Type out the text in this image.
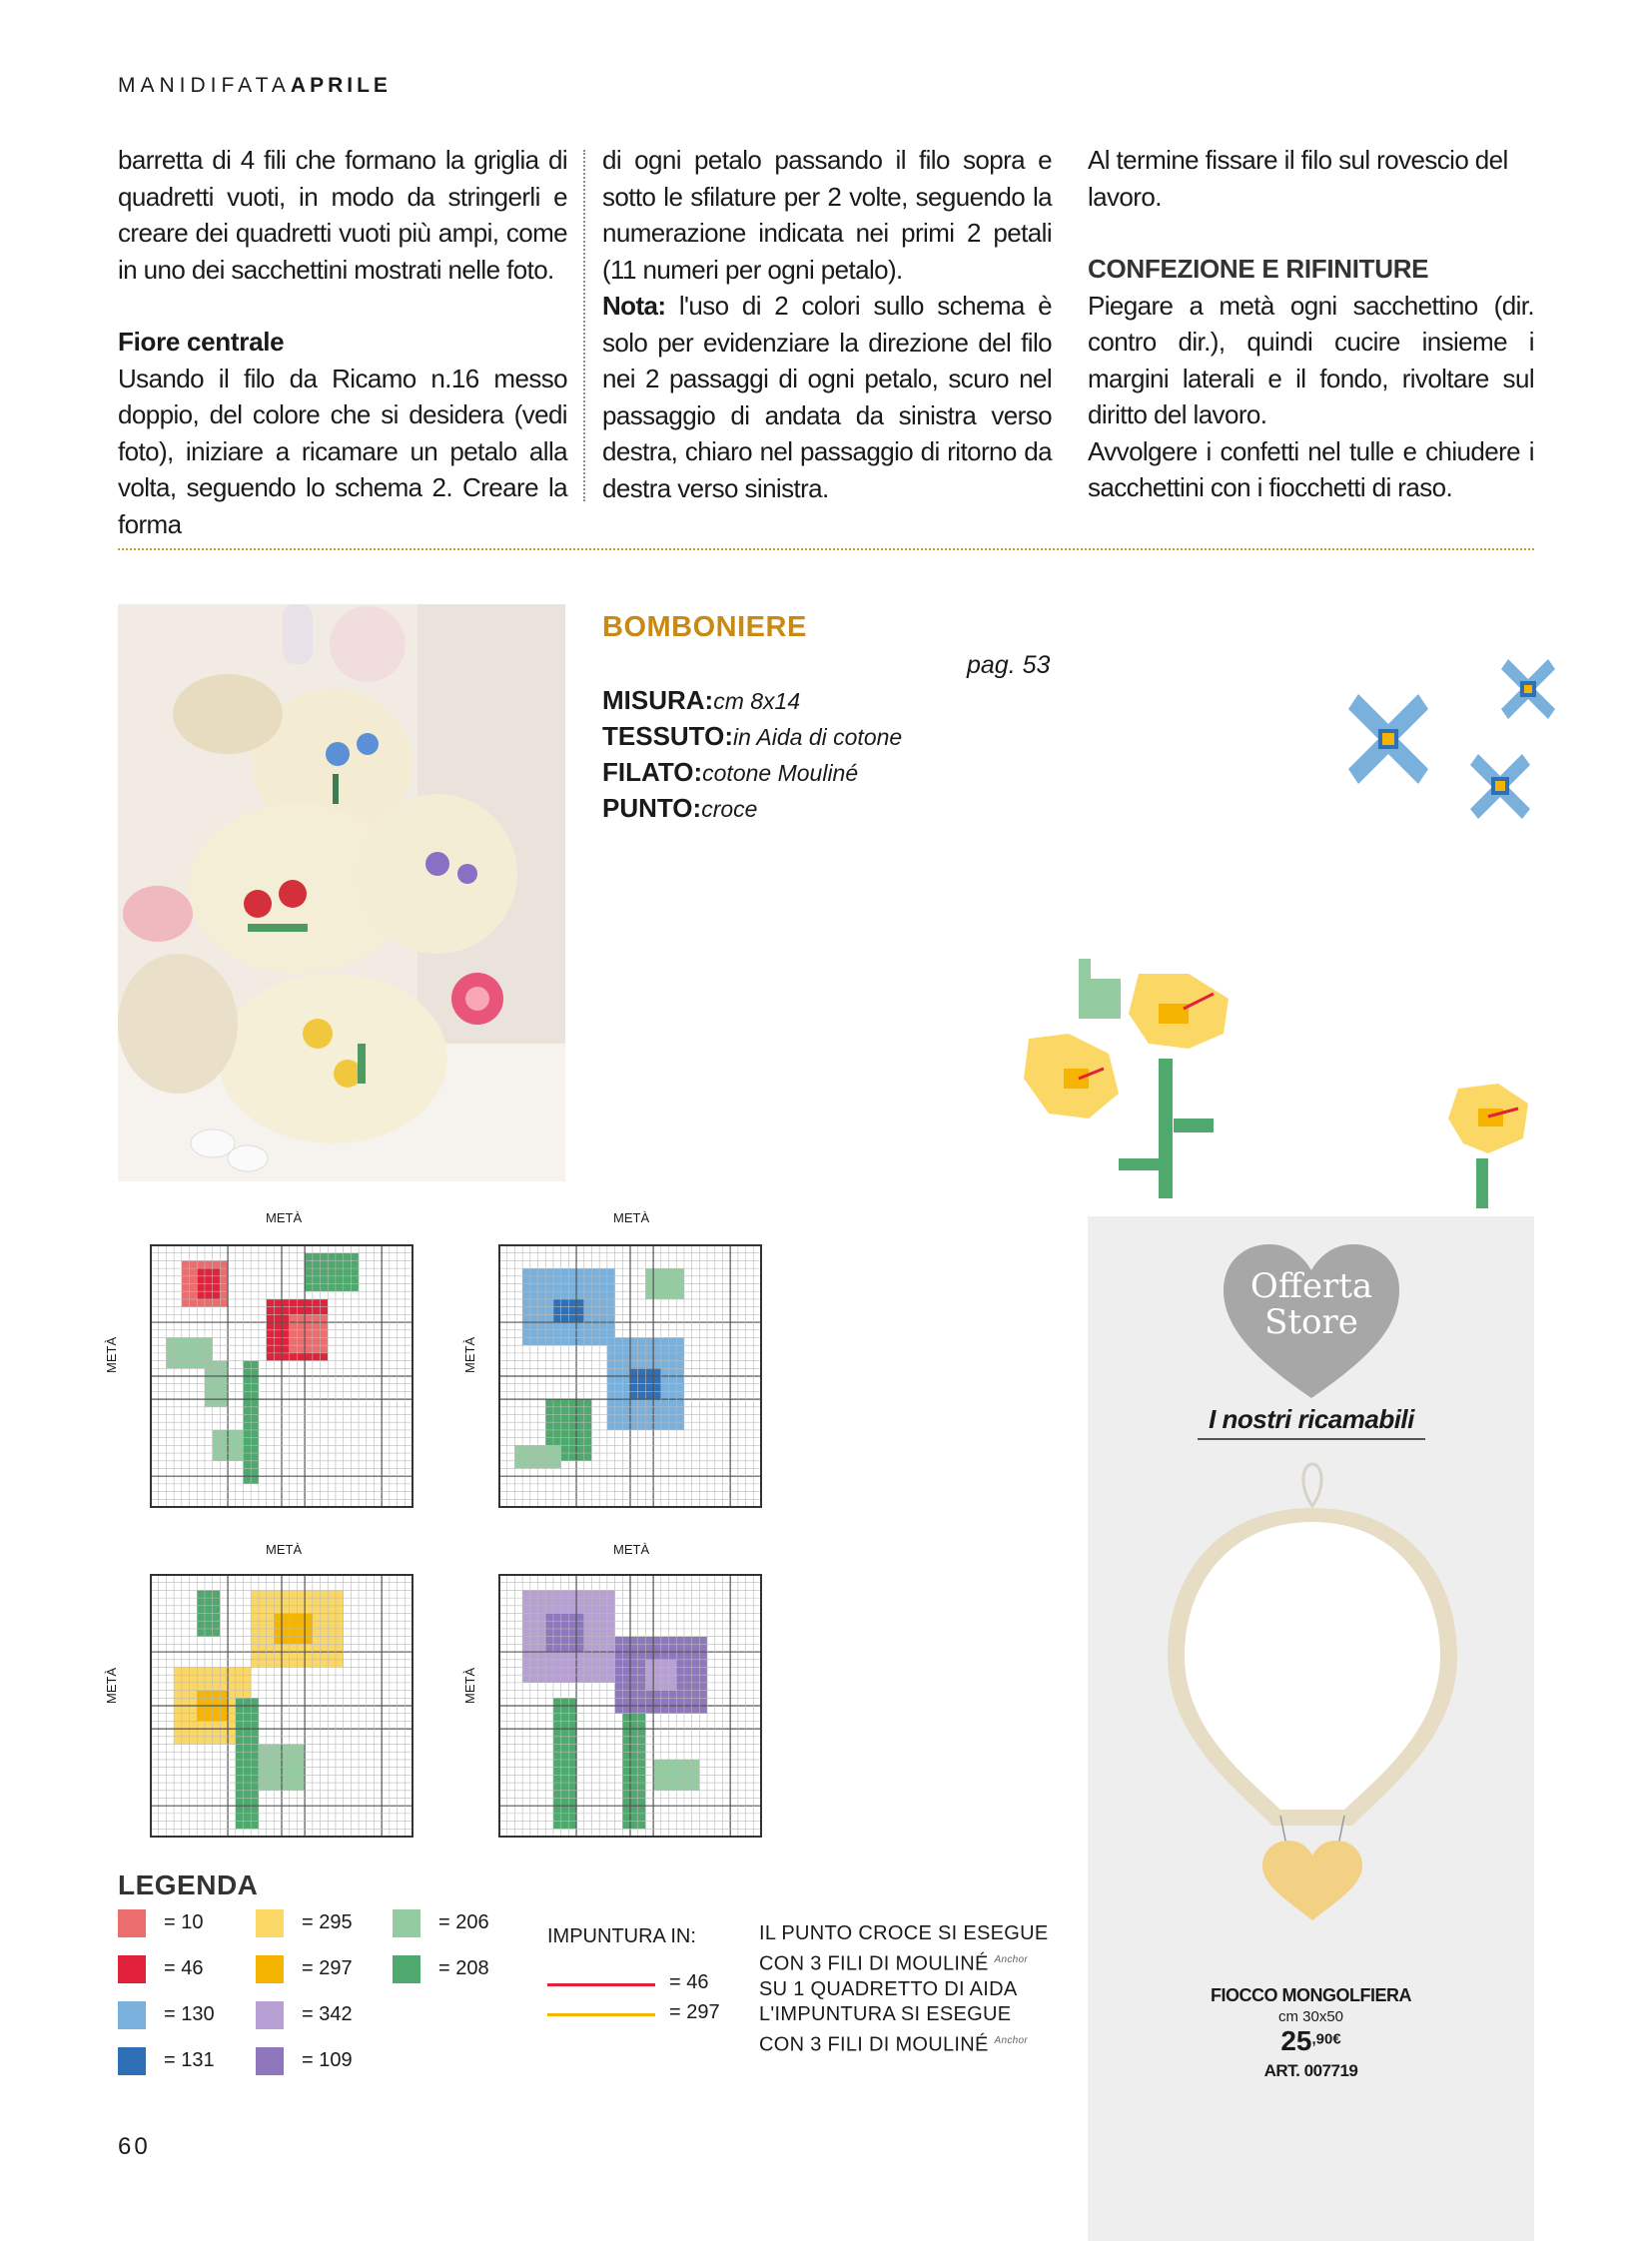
MANIDIFATAAPRILE

barretta di 4 fili che formano la griglia di quadretti vuoti, in modo da stringerli e creare dei quadretti vuoti più ampi, come in uno dei sacchettini mostrati nelle foto.

Fiore centrale

Usando il filo da Ricamo n.16 messo doppio, del colore che si desidera (vedi foto), iniziare a ricamare un petalo alla volta, seguendo lo schema 2. Creare la forma

di ogni petalo passando il filo sopra e sotto le sfilature per 2 volte, seguendo la numerazione indicata nei primi 2 petali (11 numeri per ogni petalo).

Nota: l'uso di 2 colori sullo schema è solo per evidenziare la direzione del filo nei 2 passaggi di ogni petalo, scuro nel passaggio di andata da sinistra verso destra, chiaro nel passaggio di ritorno da destra verso sinistra.

Al termine fissare il filo sul rovescio del lavoro.

CONFEZIONE E RIFINITURE

Piegare a metà ogni sacchettino (dir. contro dir.), quindi cucire insieme i margini laterali e il fondo, rivoltare sul diritto del lavoro.

Avvolgere i confetti nel tulle e chiudere i sacchettini con i fiocchetti di raso.

BOMBONIERE
pag. 53
MISURA:cm 8x14
TESSUTO:in Aida di cotone
FILATO:cotone Mouliné
PUNTO:croce
METÀ	METÀ
METÀ	METÀ
METÀ	METÀ
METÀ	METÀ
LEGENDA
= 10
= 46
= 130
= 131
= 295
= 297
= 342
= 109
= 206
= 208
IMPUNTURA IN:
= 46
= 297
IL PUNTO CROCE SI ESEGUE
CON 3 FILI DI MOULINÉ $^{Anchor}$
SU 1 QUADRETTO DI AIDA
L'IMPUNTURA SI ESEGUE
CON 3 FILI DI MOULINÉ $^{Anchor}$
Offerta
Store
I nostri ricamabili
FIOCCO MONGOLFIERA
cm 30x50
$25^{,90€}$
ART. 007719
60
